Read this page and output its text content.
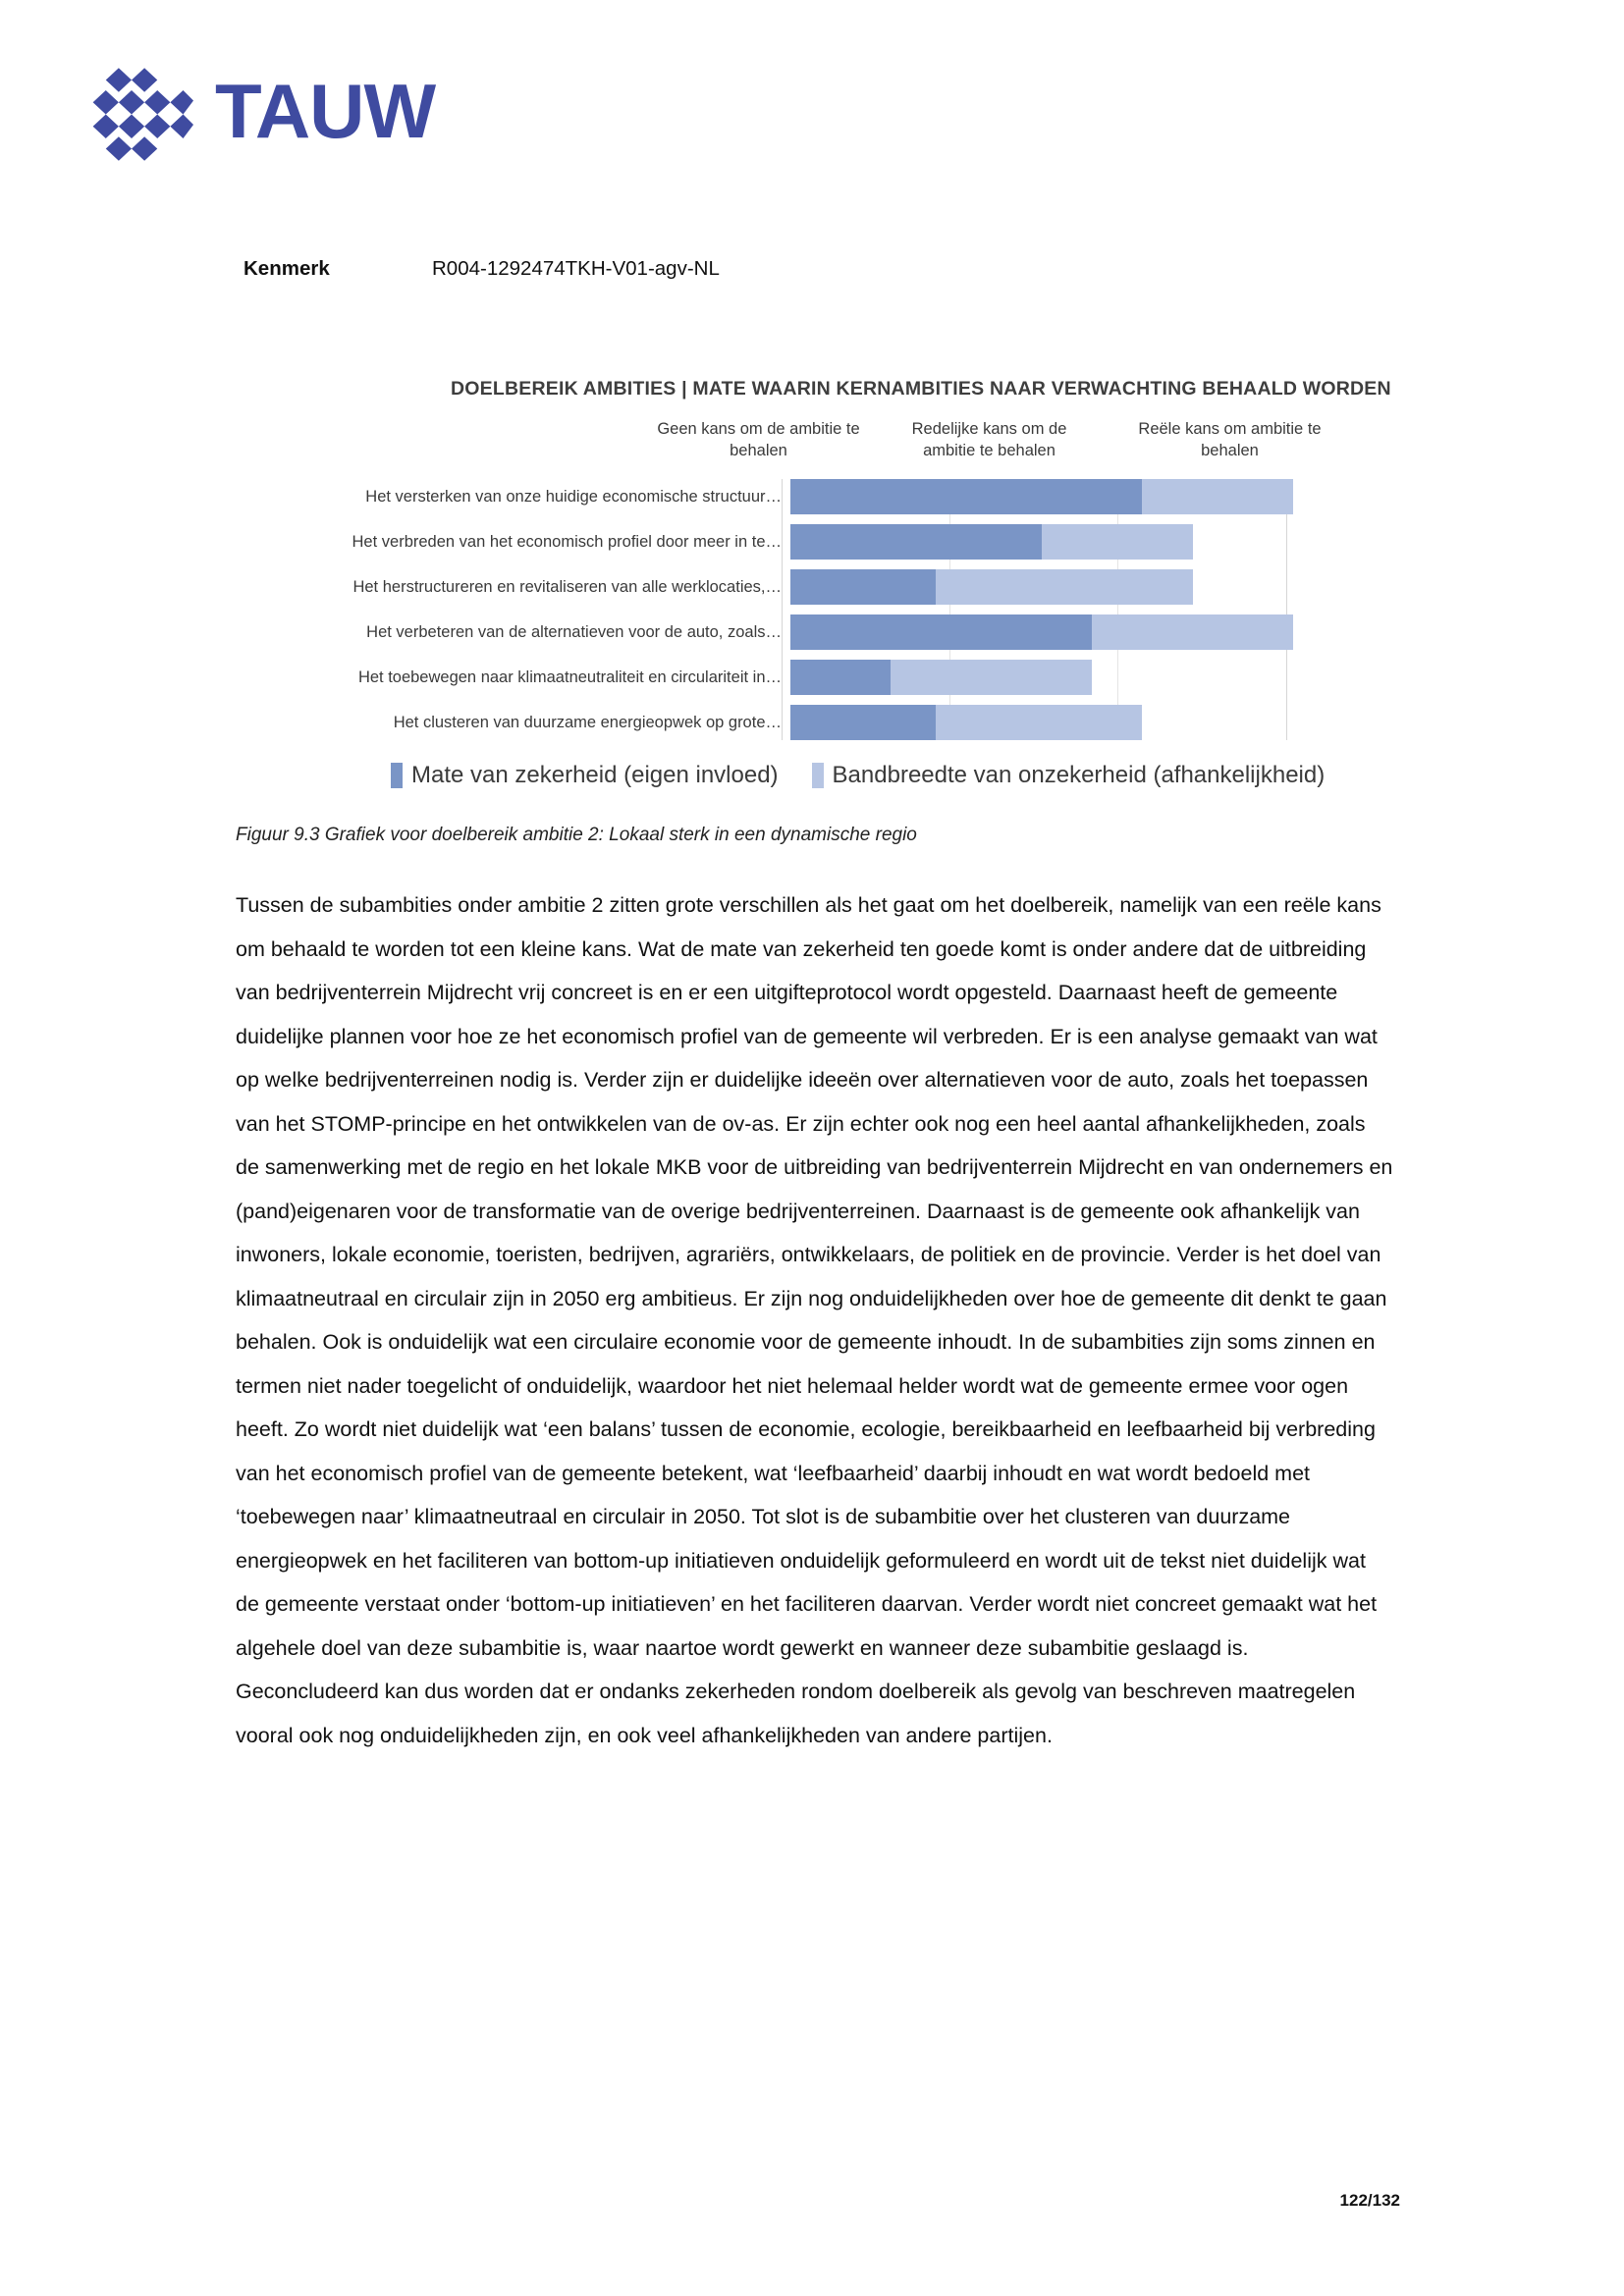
TAUW
Kenmerk	R004-1292474TKH-V01-agv-NL
DOELBEREIK AMBITIES | MATE WAARIN KERNAMBITIES NAAR VERWACHTING BEHAALD WORDEN
Geen kans om de ambitie te behalen
Redelijke kans om de ambitie te behalen
Reële kans om ambitie te behalen
Het versterken van onze huidige economische structuur…
Het verbreden van het economisch profiel door meer in te…
Het herstructureren en revitaliseren van alle werklocaties,…
Het verbeteren van de alternatieven voor de auto, zoals…
Het toebewegen naar klimaatneutraliteit en circulariteit in…
Het clusteren van duurzame energieopwek op grote…
Mate van zekerheid (eigen invloed) Bandbreedte van onzekerheid (afhankelijkheid)
Figuur 9.3 Grafiek voor doelbereik ambitie 2: Lokaal sterk in een dynamische regio
Tussen de subambities onder ambitie 2 zitten grote verschillen als het gaat om het doelbereik, namelijk van een reële kans om behaald te worden tot een kleine kans. Wat de mate van zekerheid ten goede komt is onder andere dat de uitbreiding van bedrijventerrein Mijdrecht vrij concreet is en er een uitgifteprotocol wordt opgesteld. Daarnaast heeft de gemeente duidelijke plannen voor hoe ze het economisch profiel van de gemeente wil verbreden. Er is een analyse gemaakt van wat op welke bedrijventerreinen nodig is. Verder zijn er duidelijke ideeën over alternatieven voor de auto, zoals het toepassen van het STOMP-principe en het ontwikkelen van de ov-as. Er zijn echter ook nog een heel aantal afhankelijkheden, zoals de samenwerking met de regio en het lokale MKB voor de uitbreiding van bedrijventerrein Mijdrecht en van ondernemers en (pand)eigenaren voor de transformatie van de overige bedrijventerreinen. Daarnaast is de gemeente ook afhankelijk van inwoners, lokale economie, toeristen, bedrijven, agrariërs, ontwikkelaars, de politiek en de provincie. Verder is het doel van klimaatneutraal en circulair zijn in 2050 erg ambitieus. Er zijn nog onduidelijkheden over hoe de gemeente dit denkt te gaan behalen. Ook is onduidelijk wat een circulaire economie voor de gemeente inhoudt. In de subambities zijn soms zinnen en termen niet nader toegelicht of onduidelijk, waardoor het niet helemaal helder wordt wat de gemeente ermee voor ogen heeft. Zo wordt niet duidelijk wat ‘een balans’ tussen de economie, ecologie, bereikbaarheid en leefbaarheid bij verbreding van het economisch profiel van de gemeente betekent, wat ‘leefbaarheid’ daarbij inhoudt en wat wordt bedoeld met ‘toebewegen naar’ klimaatneutraal en circulair in 2050. Tot slot is de subambitie over het clusteren van duurzame energieopwek en het faciliteren van bottom-up initiatieven onduidelijk geformuleerd en wordt uit de tekst niet duidelijk wat de gemeente verstaat onder ‘bottom-up initiatieven’ en het faciliteren daarvan. Verder wordt niet concreet gemaakt wat het algehele doel van deze subambitie is, waar naartoe wordt gewerkt en wanneer deze subambitie geslaagd is. Geconcludeerd kan dus worden dat er ondanks zekerheden rondom doelbereik als gevolg van beschreven maatregelen vooral ook nog onduidelijkheden zijn, en ook veel afhankelijkheden van andere partijen.
122/132
